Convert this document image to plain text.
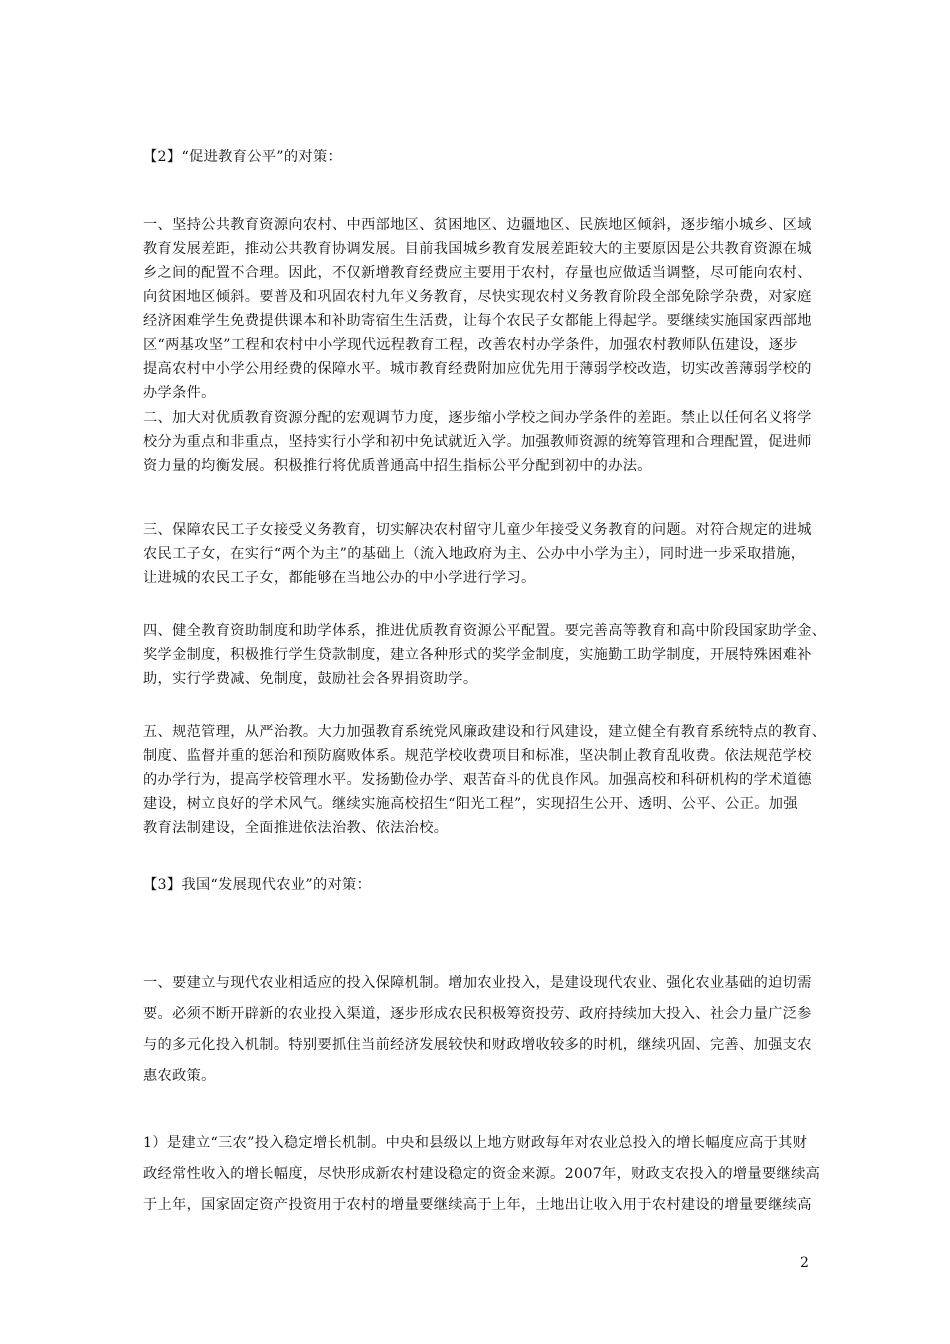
【2】“促进教育公平”的对策：
一、坚持公共教育资源向农村、中西部地区、贫困地区、边疆地区、民族地区倾斜，逐步缩小城乡、区域
教育发展差距，推动公共教育协调发展。目前我国城乡教育发展差距较大的主要原因是公共教育资源在城
乡之间的配置不合理。因此，不仅新增教育经费应主要用于农村，存量也应做适当调整，尽可能向农村、
向贫困地区倾斜。要普及和巩固农村九年义务教育，尽快实现农村义务教育阶段全部免除学杂费，对家庭
经济困难学生免费提供课本和补助寄宿生生活费，让每个农民子女都能上得起学。要继续实施国家西部地
区“两基攻坚”工程和农村中小学现代远程教育工程，改善农村办学条件，加强农村教师队伍建设，逐步
提高农村中小学公用经费的保障水平。城市教育经费附加应优先用于薄弱学校改造，切实改善薄弱学校的
办学条件。
二、加大对优质教育资源分配的宏观调节力度，逐步缩小学校之间办学条件的差距。禁止以任何名义将学
校分为重点和非重点，坚持实行小学和初中免试就近入学。加强教师资源的统筹管理和合理配置，促进师
资力量的均衡发展。积极推行将优质普通高中招生指标公平分配到初中的办法。
三、保障农民工子女接受义务教育，切实解决农村留守儿童少年接受义务教育的问题。对符合规定的进城
农民工子女，在实行“两个为主”的基础上（流入地政府为主、公办中小学为主），同时进一步采取措施，
让进城的农民工子女，都能够在当地公办的中小学进行学习。
四、健全教育资助制度和助学体系，推进优质教育资源公平配置。要完善高等教育和高中阶段国家助学金、
奖学金制度，积极推行学生贷款制度，建立各种形式的奖学金制度，实施勤工助学制度，开展特殊困难补
助，实行学费减、免制度，鼓励社会各界捐资助学。
五、规范管理，从严治教。大力加强教育系统党风廉政建设和行风建设，建立健全有教育系统特点的教育、
制度、监督并重的惩治和预防腐败体系。规范学校收费项目和标准，坚决制止教育乱收费。依法规范学校
的办学行为，提高学校管理水平。发扬勤俭办学、艰苦奋斗的优良作风。加强高校和科研机构的学术道德
建设，树立良好的学术风气。继续实施高校招生“阳光工程”，实现招生公开、透明、公平、公正。加强
教育法制建设，全面推进依法治教、依法治校。
【3】我国“发展现代农业”的对策：
一、要建立与现代农业相适应的投入保障机制。增加农业投入，是建设现代农业、强化农业基础的迫切需
要。必须不断开辟新的农业投入渠道，逐步形成农民积极筹资投劳、政府持续加大投入、社会力量广泛参
与的多元化投入机制。特别要抓住当前经济发展较快和财政增收较多的时机，继续巩固、完善、加强支农
惠农政策。
1）是建立“三农”投入稳定增长机制。中央和县级以上地方财政每年对农业总投入的增长幅度应高于其财
政经常性收入的增长幅度，尽快形成新农村建设稳定的资金来源。2007年，财政支农投入的增量要继续高
于上年，国家固定资产投资用于农村的增量要继续高于上年，土地出让收入用于农村建设的增量要继续高
2
